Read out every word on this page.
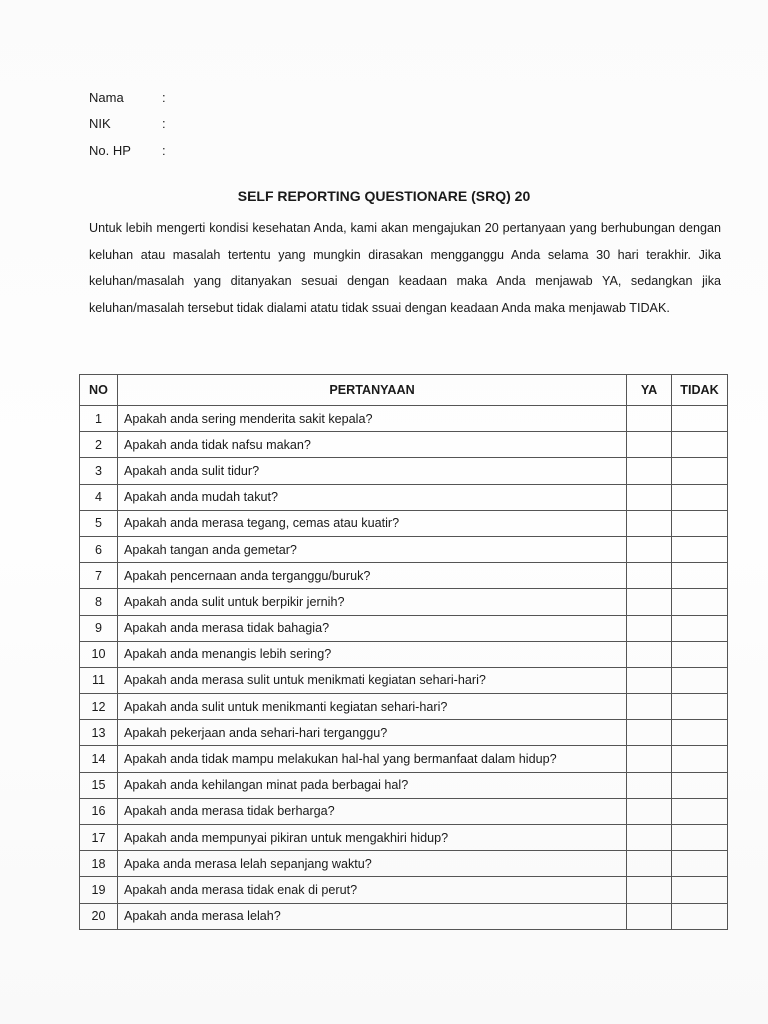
Nama	:
NIK	:
No. HP	:
SELF REPORTING QUESTIONARE (SRQ) 20
Untuk lebih mengerti kondisi kesehatan Anda, kami akan mengajukan 20 pertanyaan yang berhubungan dengan keluhan atau masalah tertentu yang mungkin dirasakan mengganggu Anda selama 30 hari terakhir. Jika keluhan/masalah yang ditanyakan sesuai dengan keadaan maka Anda menjawab YA, sedangkan jika keluhan/masalah tersebut tidak dialami atatu tidak ssuai dengan keadaan Anda maka menjawab TIDAK.
NO	PERTANYAAN	YA	TIDAK
1	Apakah anda sering menderita sakit kepala?		
2	Apakah anda tidak nafsu makan?		
3	Apakah anda sulit tidur?		
4	Apakah anda mudah takut?		
5	Apakah anda merasa tegang, cemas atau kuatir?		
6	Apakah tangan anda gemetar?		
7	Apakah pencernaan anda terganggu/buruk?		
8	Apakah anda sulit untuk berpikir jernih?		
9	Apakah anda merasa tidak bahagia?		
10	Apakah anda menangis lebih sering?		
11	Apakah anda merasa sulit untuk menikmati kegiatan sehari-hari?		
12	Apakah anda sulit untuk menikmanti kegiatan sehari-hari?		
13	Apakah pekerjaan anda sehari-hari terganggu?		
14	Apakah anda tidak mampu melakukan hal-hal yang bermanfaat dalam hidup?		
15	Apakah anda kehilangan minat pada berbagai hal?		
16	Apakah anda merasa tidak berharga?		
17	Apakah anda mempunyai pikiran untuk mengakhiri hidup?		
18	Apaka anda merasa lelah sepanjang waktu?		
19	Apakah anda merasa tidak enak di perut?		
20	Apakah anda merasa lelah?		
